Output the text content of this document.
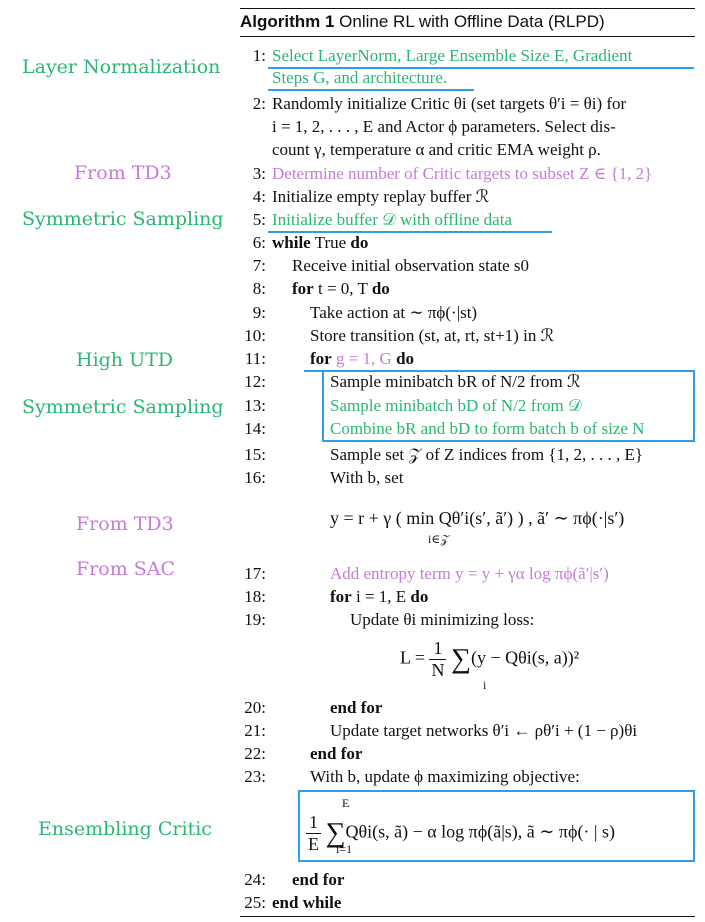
Layer Normalization
From TD3
Symmetric Sampling
High UTD
Symmetric Sampling
From TD3
From SAC
Ensembling Critic
Algorithm 1 Online RL with Offline Data (RLPD)
1: Select LayerNorm, Large Ensemble Size E, Gradient
Steps G, and architecture.
2: Randomly initialize Critic θi (set targets θ′i = θi) for
i = 1, 2, . . . , E and Actor ϕ parameters. Select dis-
count γ, temperature α and critic EMA weight ρ.
3: Determine number of Critic targets to subset Z ∈ {1, 2}
4: Initialize empty replay buffer ℛ
5: Initialize buffer 𝒟 with offline data
6: while True do
7: Receive initial observation state s0
8: for t = 0, T do
9:	Take action at ∼ πϕ(·|st)
10:	Store transition (st, at, rt, st+1) in ℛ
11:	for g = 1, G do
12:	Sample minibatch bR of N/2 from ℛ
13:	Sample minibatch bD of N/2 from 𝒟
14:	Combine bR and bD to form batch b of size N
15:	Sample set 𝒵 of Z indices from {1, 2, . . . , E}
16:	With b, set
y = r + γ ( min Qθ′i(s′, ã′) ) , ã′ ∼ πϕ(·|s′)
i∈𝒵
17:	Add entropy term y = y + γα log πϕ(ã′|s′)
18:	for i = 1, E do
19:	Update θi minimizing loss:
$L = \frac{1}{N} \sum(y - Q\theta i(s$, a))²
i
20:	end for
21:	Update target networks θ′i ← ρθ′i + (1 − ρ)θi
22:	end for
23:	With b, update ϕ maximizing objective:
E
$\frac{1}{E} \sum Q\theta i(s$, ã) − α log πϕ(ã|s), ã ∼ πϕ(· | s)
i=1
24: end for
25: end while
